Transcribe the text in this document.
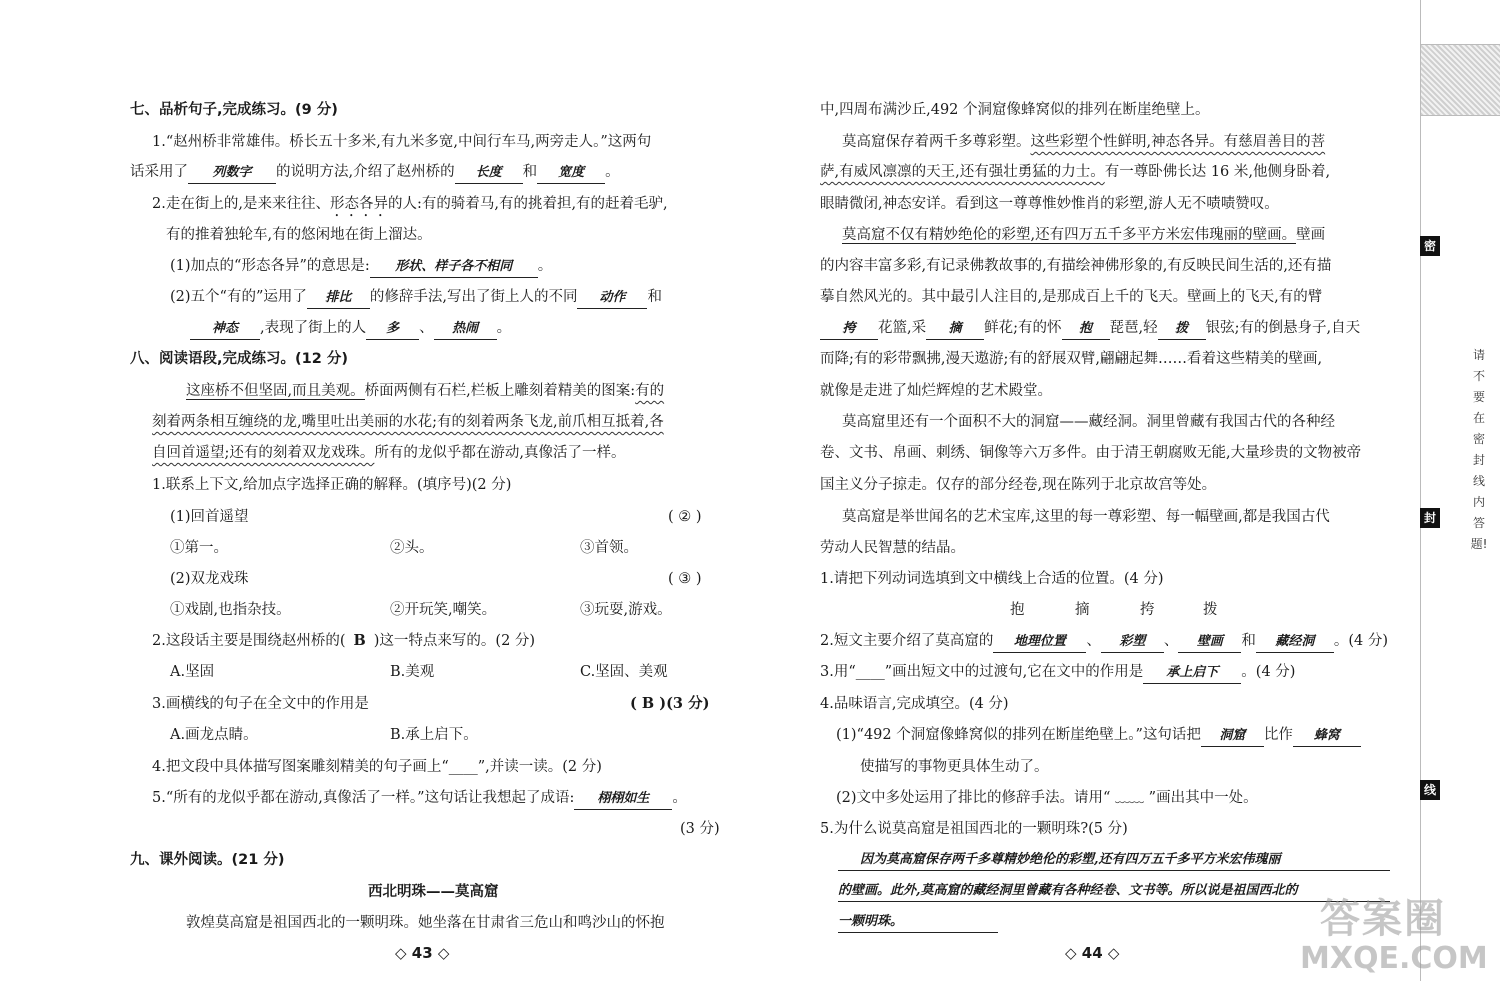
七、品析句子,完成练习。(9 分)
1.“赵州桥非常雄伟。桥长五十多米,有九米多宽,中间行车马,两旁走人。”这两句
话采用了 列数字 的说明方法,介绍了赵州桥的 长度 和 宽度 。
2.走在街上的,是来来往往、形态各异的人:有的骑着马,有的挑着担,有的赶着毛驴,
有的推着独轮车,有的悠闲地在街上溜达。
(1)加点的“形态各异”的意思是: 形状、样子各不相同 。
(2)五个“有的”运用了 排比 的修辞手法,写出了街上人的不同 动作 和
神态 ,表现了街上的人 多 、 热闹 。
八、阅读语段,完成练习。(12 分)
这座桥不但坚固,而且美观。桥面两侧有石栏,栏板上雕刻着精美的图案:有的
刻着两条相互缠绕的龙,嘴里吐出美丽的水花;有的刻着两条飞龙,前爪相互抵着,各
自回首遥望;还有的刻着双龙戏珠。所有的龙似乎都在游动,真像活了一样。
1.联系上下文,给加点字选择正确的解释。(填序号)(2 分)
(1)回首遥望	( ② )
①第一。	②头。	③首领。
(2)双龙戏珠	( ③ )
①戏剧,也指杂技。	②开玩笑,嘲笑。	③玩耍,游戏。
2.这段话主要是围绕赵州桥的( B )这一特点来写的。(2 分)
A.坚固	B.美观	C.坚固、美观
3.画横线的句子在全文中的作用是	( B )(3 分)
A.画龙点睛。	B.承上启下。
4.把文段中具体描写图案雕刻精美的句子画上“____”,并读一读。(2 分)
5.“所有的龙似乎都在游动,真像活了一样。”这句话让我想起了成语: 栩栩如生 。
(3 分)
九、课外阅读。(21 分)
西北明珠——莫高窟
敦煌莫高窟是祖国西北的一颗明珠。她坐落在甘肃省三危山和鸣沙山的怀抱
◇ 43 ◇
中,四周布满沙丘,492 个洞窟像蜂窝似的排列在断崖绝壁上。
莫高窟保存着两千多尊彩塑。这些彩塑个性鲜明,神态各异。有慈眉善目的菩
萨,有威风凛凛的天王,还有强壮勇猛的力士。有一尊卧佛长达 16 米,他侧身卧着,
眼睛微闭,神态安详。看到这一尊尊惟妙惟肖的彩塑,游人无不啧啧赞叹。
莫高窟不仅有精妙绝伦的彩塑,还有四万五千多平方米宏伟瑰丽的壁画。壁画
的内容丰富多彩,有记录佛教故事的,有描绘神佛形象的,有反映民间生活的,还有描
摹自然风光的。其中最引人注目的,是那成百上千的飞天。壁画上的飞天,有的臂
挎 花篮,采 摘 鲜花;有的怀 抱 琵琶,轻 拨 银弦;有的倒悬身子,自天
而降;有的彩带飘拂,漫天遨游;有的舒展双臂,翩翩起舞……看着这些精美的壁画,
就像是走进了灿烂辉煌的艺术殿堂。
莫高窟里还有一个面积不大的洞窟——藏经洞。洞里曾藏有我国古代的各种经
卷、文书、帛画、刺绣、铜像等六万多件。由于清王朝腐败无能,大量珍贵的文物被帝
国主义分子掠走。仅存的部分经卷,现在陈列于北京故宫等处。
莫高窟是举世闻名的艺术宝库,这里的每一尊彩塑、每一幅壁画,都是我国古代
劳动人民智慧的结晶。
1.请把下列动词选填到文中横线上合适的位置。(4 分)
抱	摘	挎	拨
2.短文主要介绍了莫高窟的 地理位置 、 彩塑 、 壁画 和 藏经洞 。(4 分)
3.用“____”画出短文中的过渡句,它在文中的作用是 承上启下 。(4 分)
4.品味语言,完成填空。(4 分)
(1)“492 个洞窟像蜂窝似的排列在断崖绝壁上。”这句话把 洞窟 比作 蜂窝
使描写的事物更具体生动了。
(2)文中多处运用了排比的修辞手法。请用“ ﹏﹏ ”画出其中一处。
5.为什么说莫高窟是祖国西北的一颗明珠?(5 分)
因为莫高窟保存两千多尊精妙绝伦的彩塑,还有四万五千多平方米宏伟瑰丽
的壁画。此外,莫高窟的藏经洞里曾藏有各种经卷、文书等。所以说是祖国西北的
一颗明珠。
◇ 44 ◇
密
封
线
请不要在密封线内答题!
答案圈
MXQE.COM
